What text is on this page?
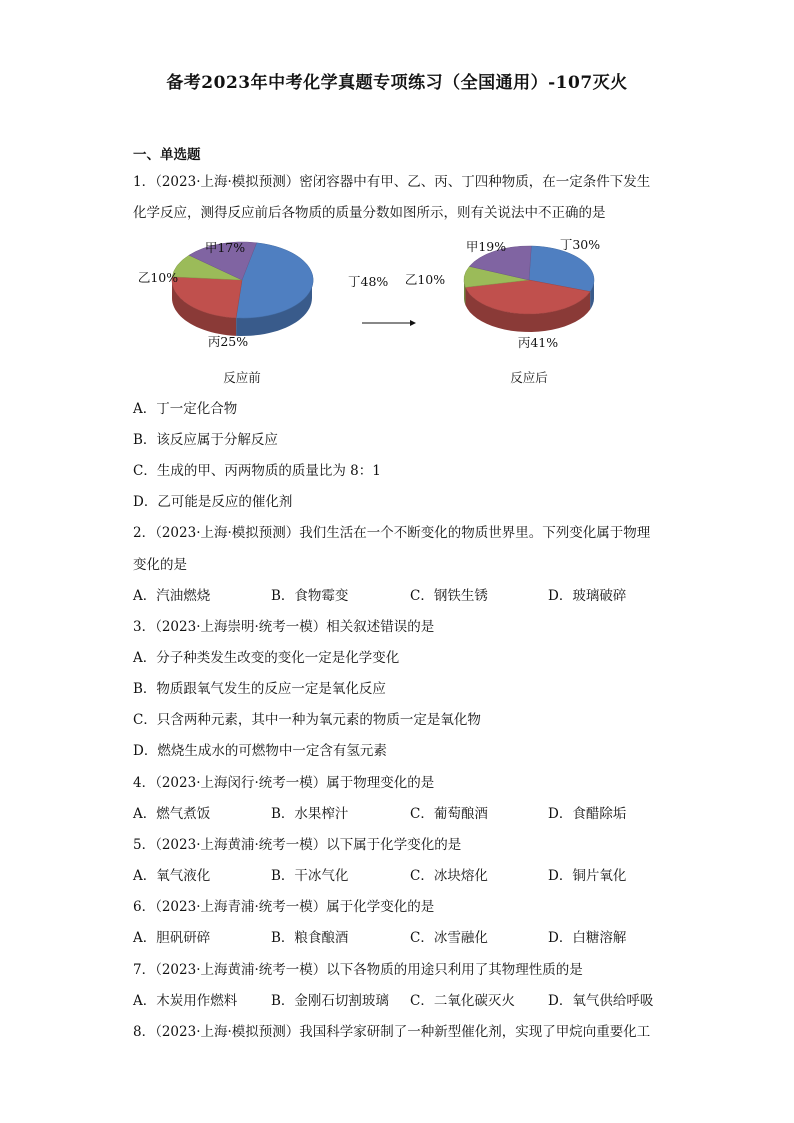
备考2023年中考化学真题专项练习（全国通用）-107灭火
一、单选题
1．（2023·上海·模拟预测）密闭容器中有甲、乙、丙、丁四种物质，在一定条件下发生
化学反应，测得反应前后各物质的质量分数如图所示，则有关说法中不正确的是
丁48%
丙25%
乙10%
甲17%	丁30%
丙41%
乙10%
甲19%
反应前	反应后
A．丁一定化合物
B．该反应属于分解反应
C．生成的甲、丙两物质的质量比为 8：1
D．乙可能是反应的催化剂
2．（2023·上海·模拟预测）我们生活在一个不断变化的物质世界里。下列变化属于物理
变化的是
A．汽油燃烧	B．食物霉变	C．钢铁生锈	D．玻璃破碎
3．（2023·上海崇明·统考一模）相关叙述错误的是
A．分子种类发生改变的变化一定是化学变化
B．物质跟氧气发生的反应一定是氧化反应
C．只含两种元素，其中一种为氧元素的物质一定是氧化物
D．燃烧生成水的可燃物中一定含有氢元素
4．（2023·上海闵行·统考一模）属于物理变化的是
A．燃气煮饭	B．水果榨汁	C．葡萄酿酒	D．食醋除垢
5．（2023·上海黄浦·统考一模）以下属于化学变化的是
A．氧气液化	B．干冰气化	C．冰块熔化	D．铜片氧化
6．（2023·上海青浦·统考一模）属于化学变化的是
A．胆矾研碎	B．粮食酿酒	C．冰雪融化	D．白糖溶解
7．（2023·上海黄浦·统考一模）以下各物质的用途只利用了其物理性质的是
A．木炭用作燃料	B．金刚石切割玻璃 C．二氧化碳灭火 D．氧气供给呼吸
8．（2023·上海·模拟预测）我国科学家研制了一种新型催化剂，实现了甲烷向重要化工
